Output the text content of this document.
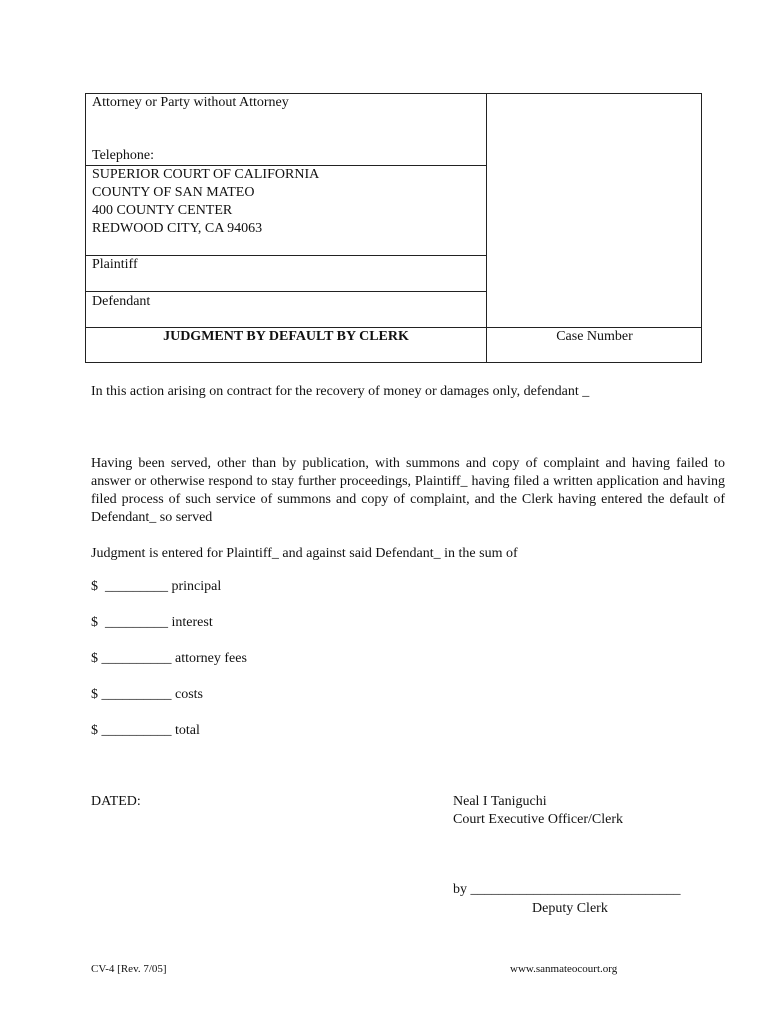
Attorney or Party without Attorney
Telephone:
SUPERIOR COURT OF CALIFORNIA
COUNTY OF SAN MATEO
400 COUNTY CENTER
REDWOOD CITY, CA 94063
Plaintiff
Defendant
JUDGMENT BY DEFAULT BY CLERK	Case Number
In this action arising on contract for the recovery of money or damages only, defendant _
Having been served, other than by publication, with summons and copy of complaint and having failed to answer or otherwise respond to stay further proceedings, Plaintiff_ having filed a written application and having filed process of such service of summons and copy of complaint, and the Clerk having entered the default of Defendant_ so served
Judgment is entered for Plaintiff_ and against said Defendant_ in the sum of
$  _________ principal
$  _________ interest
$ __________ attorney fees
$ __________ costs
$ __________ total
DATED:	Neal I Taniguchi
Court Executive Officer/Clerk
by ______________________________
Deputy Clerk
CV-4 [Rev. 7/05]	www.sanmateocourt.org
